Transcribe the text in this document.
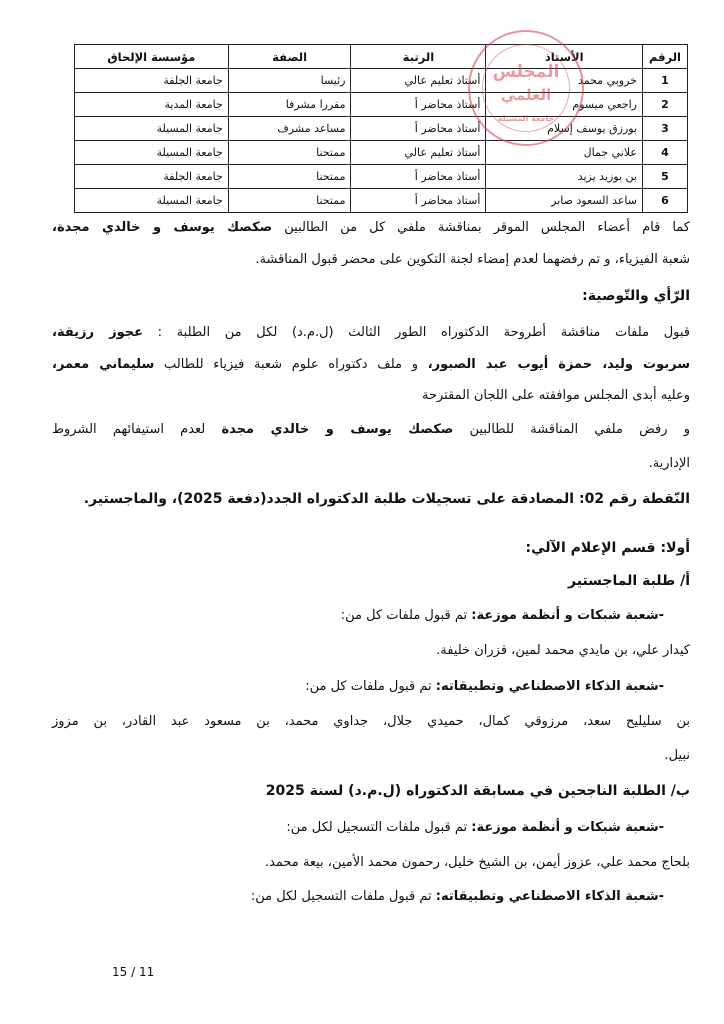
الرقم	الأستاذ	الرتبة	الصفة	مؤسسة الإلحاق
1	خروبي محمد	أستاذ تعليم عالي	رئيسا	جامعة الجلفة
2	راجعي ميسوم	أستاذ محاضر أ	مقررا مشرفا	جامعة المدية
3	بورزق يوسف إسلام	أستاذ محاضر أ	مساعد مشرف	جامعة المسيلة
4	علاني جمال	أستاذ تعليم عالي	ممتحنا	جامعة المسيلة
5	بن بوزيد يزيد	أستاذ محاضر أ	ممتحنا	جامعة الجلفة
6	ساعد السعود صابر	أستاذ محاضر أ	ممتحنا	جامعة المسيلة
المجلس
العلمي
جامعة المسيلة
كما قام أعضاء المجلس الموقر بمناقشة ملفي كل من الطالبين صكصك يوسف و خالدي مجدة،
شعبة الفيزياء، و تم رفضهما لعدم إمضاء لجنة التكوين على محضر قبول المناقشة.
الرّأي والتّوصية:
قبول ملفات مناقشة أطروحة الدكتوراه الطور الثالث (ل.م.د) لكل من الطلبة : عجوز رزيقة،
سربوت وليد، حمزة أيوب عبد الصبور، و ملف دكتوراه علوم شعبة فيزياء للطالب سليماني معمر،
وعليه أبدى المجلس موافقته على اللجان المقترحة
و رفض ملفي المناقشة للطالبين صكصك يوسف و خالدي مجدة لعدم استيفائهم الشروط
الإدارية.
النّقطة رقم 02: المصادقة على تسجيلات طلبة الدكتوراه الجدد(دفعة 2025)، والماجستير.
أولا: قسم الإعلام الآلي:
أ/ طلبة الماجستير
-شعبة شبكات و أنظمة موزعة: تم قبول ملفات كل من:
كيدار علي، بن مايدي محمد لمين، قزران خليفة.
-شعبة الذكاء الاصطناعي وتطبيقاته: تم قبول ملفات كل من:
بن سليليح سعد، مرزوقي كمال، حميدي جلال، جداوي محمد، بن مسعود عبد القادر، بن مزوز
نبيل.
ب/ الطلبة الناجحين في مسابقة الدكتوراه (ل.م.د) لسنة 2025
-شعبة شبكات و أنظمة موزعة: تم قبول ملفات التسجيل لكل من:
بلحاج محمد علي، عزوز أيمن، بن الشيخ خليل، رحمون محمد الأمين، بيعة محمد.
-شعبة الذكاء الاصطناعي وتطبيقاته: تم قبول ملفات التسجيل لكل من:
15 / 11
